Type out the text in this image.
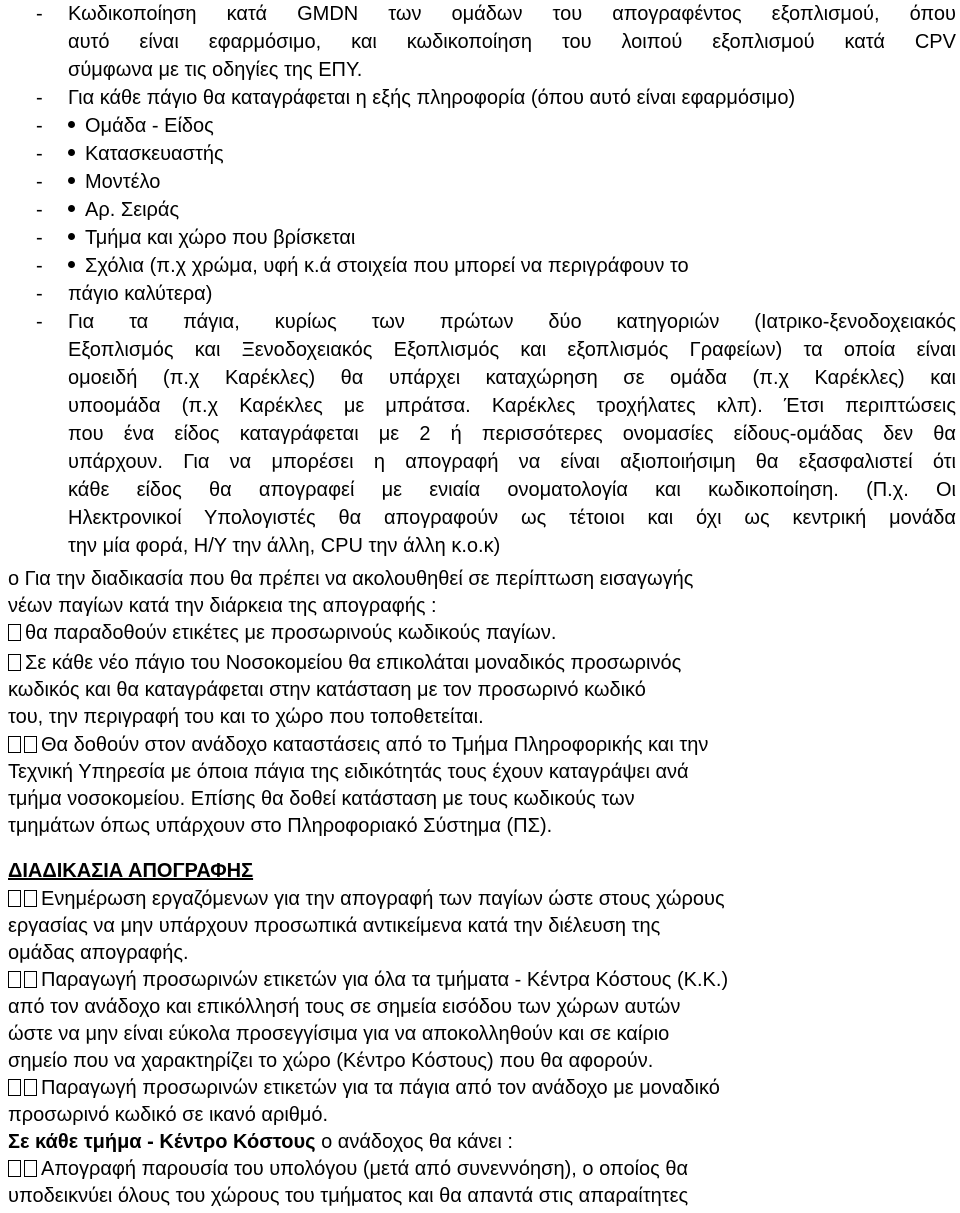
- Κωδικοποίηση κατά GMDN των ομάδων του απογραφέντος εξοπλισμού, όπου
αυτό είναι εφαρμόσιμο, και κωδικοποίηση του λοιπού εξοπλισμού κατά CPV
σύμφωνα με τις οδηγίες της ΕΠΥ.
- Για κάθε πάγιο θα καταγράφεται η εξής πληροφορία (όπου αυτό είναι εφαρμόσιμο)
-	Ομάδα - Είδος
-	Κατασκευαστής
-	Μοντέλο
-	Αρ. Σειράς
-	Τμήμα και χώρο που βρίσκεται
-	Σχόλια (π.χ χρώμα, υφή κ.ά στοιχεία που μπορεί να περιγράφουν το
- πάγιο καλύτερα)
- Για τα πάγια, κυρίως των πρώτων δύο κατηγοριών (Ιατρικο-ξενοδοχειακός
Εξοπλισμός και Ξενοδοχειακός Εξοπλισμός και εξοπλισμός Γραφείων) τα οποία είναι
ομοειδή (π.χ Καρέκλες) θα υπάρχει καταχώρηση σε ομάδα (π.χ Καρέκλες) και
υποομάδα (π.χ Καρέκλες με μπράτσα. Καρέκλες τροχήλατες κλπ). Έτσι περιπτώσεις
που ένα είδος καταγράφεται με 2 ή περισσότερες ονομασίες είδους-ομάδας δεν θα
υπάρχουν. Για να μπορέσει η απογραφή να είναι αξιοποιήσιμη θα εξασφαλιστεί ότι
κάθε είδος θα απογραφεί με ενιαία ονοματολογία και κωδικοποίηση. (Π.χ. Οι
Ηλεκτρονικοί Υπολογιστές θα απογραφούν ως τέτοιοι και όχι ως κεντρική μονάδα
την μία φορά, Η/Υ την άλλη, CPU την άλλη κ.ο.κ)
o Για την διαδικασία που θα πρέπει να ακολουθηθεί σε περίπτωση εισαγωγής
νέων παγίων κατά την διάρκεια της απογραφής :
θα παραδοθούν ετικέτες με προσωρινούς κωδικούς παγίων.
Σε κάθε νέο πάγιο του Νοσοκομείου θα επικολάται μοναδικός προσωρινός
κωδικός και θα καταγράφεται στην κατάσταση με τον προσωρινό κωδικό
του, την περιγραφή του και το χώρο που τοποθετείται.
Θα δοθούν στον ανάδοχο καταστάσεις από το Τμήμα Πληροφορικής και την
Τεχνική Υπηρεσία με όποια πάγια της ειδικότητάς τους έχουν καταγράψει ανά
τμήμα νοσοκομείου. Επίσης θα δοθεί κατάσταση με τους κωδικούς των
τμημάτων όπως υπάρχουν στο Πληροφοριακό Σύστημα (ΠΣ).
ΔΙΑΔΙΚΑΣΙΑ ΑΠΟΓΡΑΦΗΣ
Ενημέρωση εργαζόμενων για την απογραφή των παγίων ώστε στους χώρους
εργασίας να μην υπάρχουν προσωπικά αντικείμενα κατά την διέλευση της
ομάδας απογραφής.
Παραγωγή προσωρινών ετικετών για όλα τα τμήματα - Κέντρα Κόστους (Κ.Κ.)
από τον ανάδοχο και επικόλλησή τους σε σημεία εισόδου των χώρων αυτών
ώστε να μην είναι εύκολα προσεγγίσιμα για να αποκολληθούν και σε καίριο
σημείο που να χαρακτηρίζει το χώρο (Κέντρο Κόστους) που θα αφορούν.
Παραγωγή προσωρινών ετικετών για τα πάγια από τον ανάδοχο με μοναδικό
προσωρινό κωδικό σε ικανό αριθμό.
Σε κάθε τμήμα - Κέντρο Κόστους ο ανάδοχος θα κάνει :
Απογραφή παρουσία του υπολόγου (μετά από συνεννόηση), ο οποίος θα
υποδεικνύει όλους του χώρους του τμήματος και θα απαντά στις απαραίτητες
